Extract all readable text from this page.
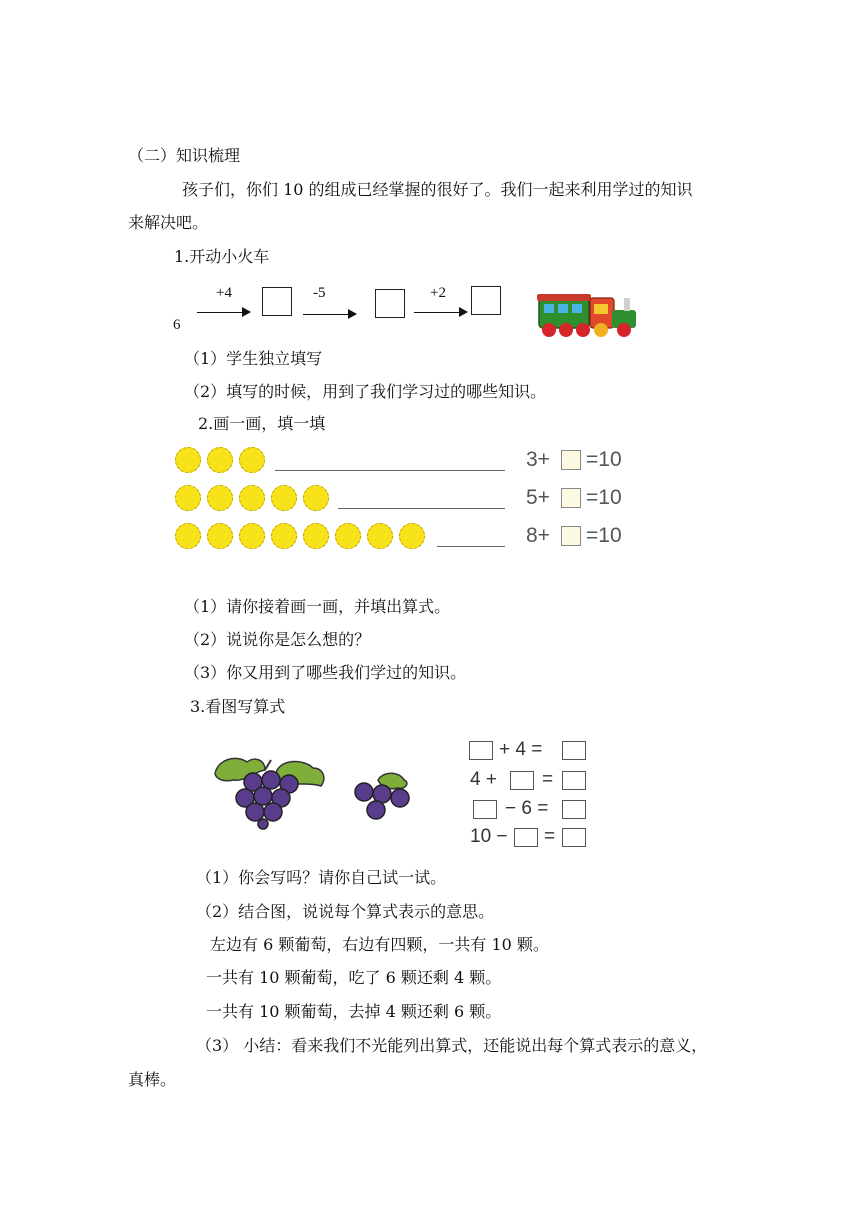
（二）知识梳理
孩子们，你们 10 的组成已经掌握的很好了。我们一起来利用学过的知识
来解决吧。
1.开动小火车
+4	-5	+2
6
（1）学生独立填写
（2）填写的时候，用到了我们学习过的哪些知识。
2.画一画，填一填
3+ =10
5+ =10
8+ =10
（1）请你接着画一画，并填出算式。
（2）说说你是怎么想的？
（3）你又用到了哪些我们学过的知识。
3.看图写算式
+ 4 =
4 + =
− 6 =
10 − =
（1）你会写吗？请你自己试一试。
（2）结合图，说说每个算式表示的意思。
左边有 6 颗葡萄，右边有四颗，一共有 10 颗。
一共有 10 颗葡萄，吃了 6 颗还剩 4 颗。
一共有 10 颗葡萄，去掉 4 颗还剩 6 颗。
（3） 小结：看来我们不光能列出算式，还能说出每个算式表示的意义，
真棒。
